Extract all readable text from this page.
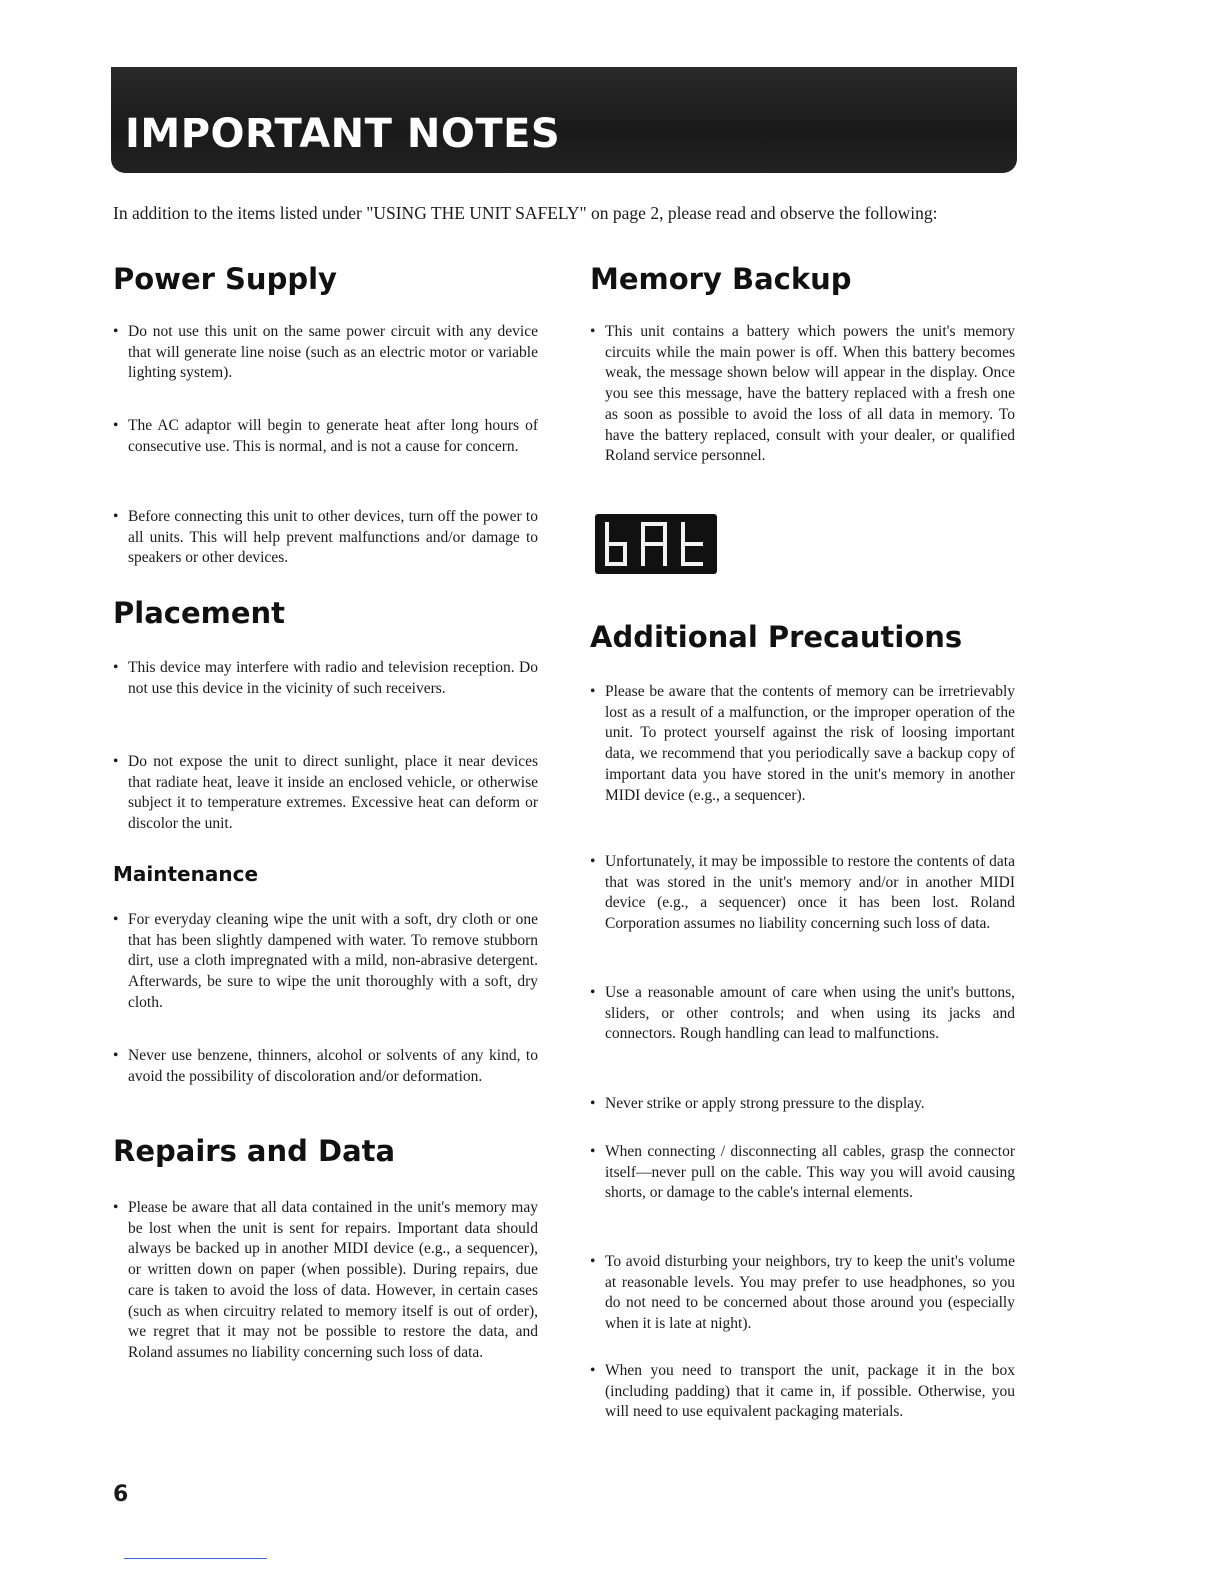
IMPORTANT NOTES
In addition to the items listed under "USING THE UNIT SAFELY" on page 2, please read and observe the following:
Power Supply
• Do not use this unit on the same power circuit with any device that will generate line noise (such as an electric motor or variable lighting system).
• The AC adaptor will begin to generate heat after long hours of consecutive use. This is normal, and is not a cause for concern.
• Before connecting this unit to other devices, turn off the power to all units. This will help prevent malfunctions and/or damage to speakers or other devices.
Placement
• This device may interfere with radio and television reception. Do not use this device in the vicinity of such receivers.
• Do not expose the unit to direct sunlight, place it near devices that radiate heat, leave it inside an enclosed vehicle, or otherwise subject it to temperature extremes. Excessive heat can deform or discolor the unit.
Maintenance
• For everyday cleaning wipe the unit with a soft, dry cloth or one that has been slightly dampened with water. To remove stubborn dirt, use a cloth impregnated with a mild, non-abrasive detergent. Afterwards, be sure to wipe the unit thoroughly with a soft, dry cloth.
• Never use benzene, thinners, alcohol or solvents of any kind, to avoid the possibility of discoloration and/or deformation.
Repairs and Data
• Please be aware that all data contained in the unit's memory may be lost when the unit is sent for repairs. Important data should always be backed up in another MIDI device (e.g., a sequencer), or written down on paper (when possible). During repairs, due care is taken to avoid the loss of data. However, in certain cases (such as when circuitry related to memory itself is out of order), we regret that it may not be possible to restore the data, and Roland assumes no liability concerning such loss of data.
Memory Backup
• This unit contains a battery which powers the unit's memory circuits while the main power is off. When this battery becomes weak, the message shown below will appear in the display. Once you see this message, have the battery replaced with a fresh one as soon as possible to avoid the loss of all data in memory. To have the battery replaced, consult with your dealer, or qualified Roland service personnel.
Additional Precautions
• Please be aware that the contents of memory can be irretrievably lost as a result of a malfunction, or the improper operation of the unit. To protect yourself against the risk of loosing important data, we recommend that you periodically save a backup copy of important data you have stored in the unit's memory in another MIDI device (e.g., a sequencer).
• Unfortunately, it may be impossible to restore the contents of data that was stored in the unit's memory and/or in another MIDI device (e.g., a sequencer) once it has been lost. Roland Corporation assumes no liability concerning such loss of data.
• Use a reasonable amount of care when using the unit's buttons, sliders, or other controls; and when using its jacks and connectors. Rough handling can lead to malfunctions.
• Never strike or apply strong pressure to the display.
• When connecting / disconnecting all cables, grasp the connector itself—never pull on the cable. This way you will avoid causing shorts, or damage to the cable's internal elements.
• To avoid disturbing your neighbors, try to keep the unit's volume at reasonable levels. You may prefer to use headphones, so you do not need to be concerned about those around you (especially when it is late at night).
• When you need to transport the unit, package it in the box (including padding) that it came in, if possible. Otherwise, you will need to use equivalent packaging materials.
6
